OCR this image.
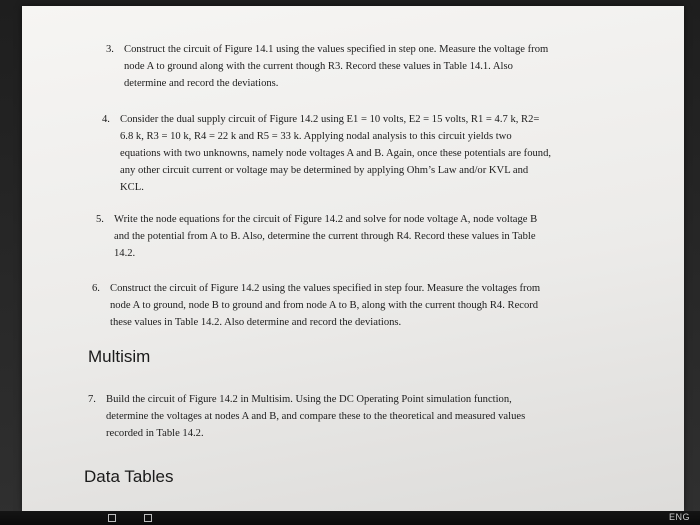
3. Construct the circuit of Figure 14.1 using the values specified in step one. Measure the voltage from
node A to ground along with the current though R3. Record these values in Table 14.1. Also
determine and record the deviations.
4. Consider the dual supply circuit of Figure 14.2 using E1 = 10 volts, E2 = 15 volts, R1 = 4.7 k, R2=
6.8 k, R3 = 10 k, R4 = 22 k and R5 = 33 k. Applying nodal analysis to this circuit yields two
equations with two unknowns, namely node voltages A and B. Again, once these potentials are found,
any other circuit current or voltage may be determined by applying Ohm’s Law and/or KVL and
KCL.
5. Write the node equations for the circuit of Figure 14.2 and solve for node voltage A, node voltage B
and the potential from A to B. Also, determine the current through R4. Record these values in Table
14.2.
6. Construct the circuit of Figure 14.2 using the values specified in step four. Measure the voltages from
node A to ground, node B to ground and from node A to B, along with the current though R4. Record
these values in Table 14.2. Also determine and record the deviations.
Multisim
7. Build the circuit of Figure 14.2 in Multisim. Using the DC Operating Point simulation function,
determine the voltages at nodes A and B, and compare these to the theoretical and measured values
recorded in Table 14.2.
Data Tables
ENG
